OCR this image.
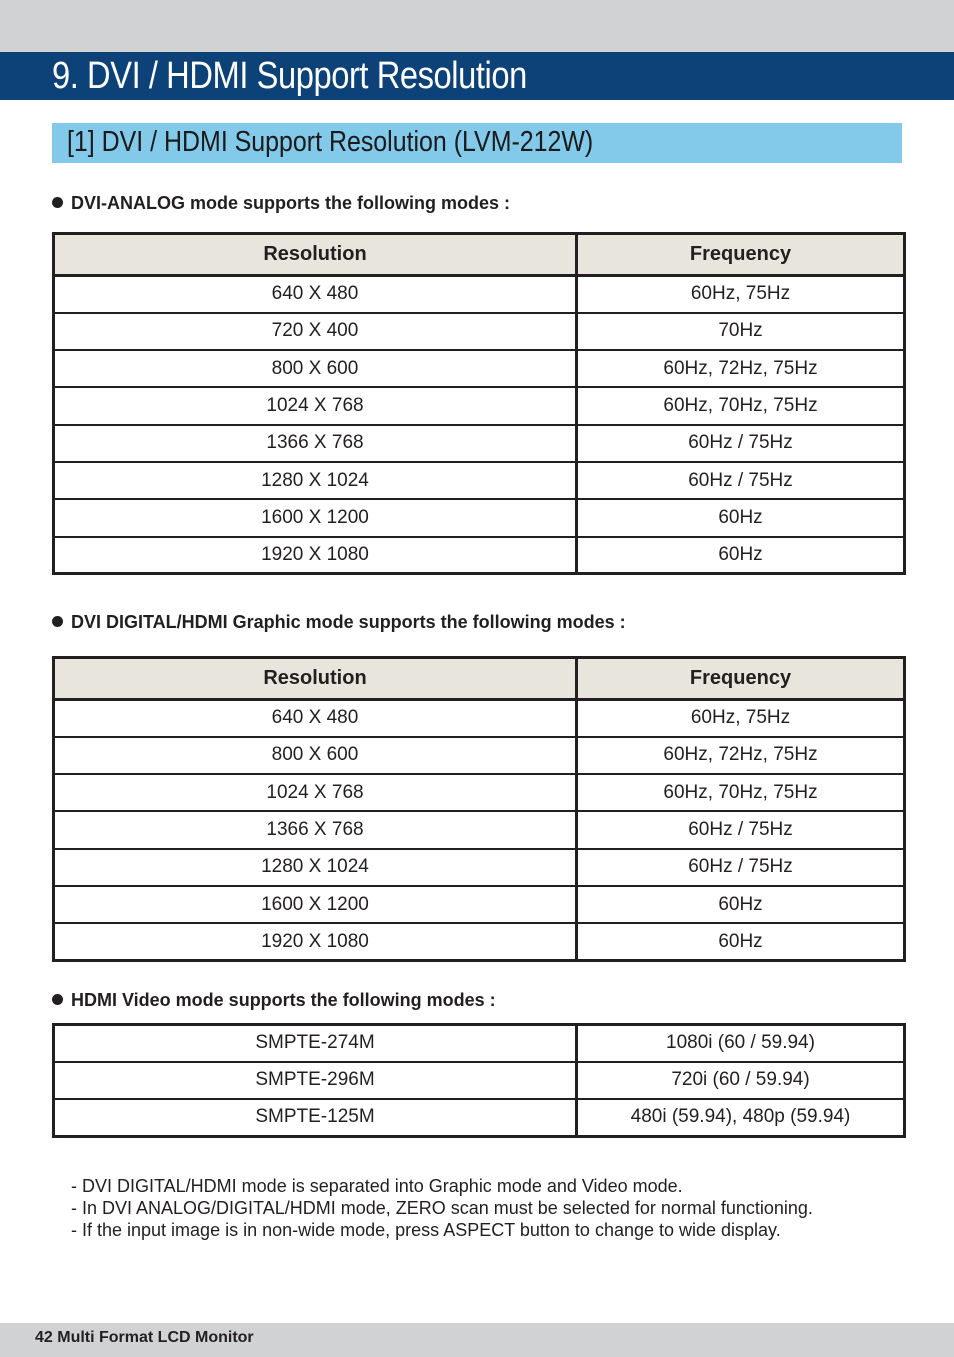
9. DVI / HDMI Support Resolution
[1] DVI / HDMI Support Resolution (LVM-212W)
DVI-ANALOG mode supports the following modes :
Resolution	Frequency
640 X 480	60Hz, 75Hz
720 X 400	70Hz
800 X 600	60Hz, 72Hz, 75Hz
1024 X 768	60Hz, 70Hz, 75Hz
1366 X 768	60Hz / 75Hz
1280 X 1024	60Hz / 75Hz
1600 X 1200	60Hz
1920 X 1080	60Hz
DVI DIGITAL/HDMI Graphic mode supports the following modes :
Resolution	Frequency
640 X 480	60Hz, 75Hz
800 X 600	60Hz, 72Hz, 75Hz
1024 X 768	60Hz, 70Hz, 75Hz
1366 X 768	60Hz / 75Hz
1280 X 1024	60Hz / 75Hz
1600 X 1200	60Hz
1920 X 1080	60Hz
HDMI Video mode supports the following modes :
SMPTE-274M	1080i (60 / 59.94)
SMPTE-296M	720i (60 / 59.94)
SMPTE-125M	480i (59.94), 480p (59.94)
- DVI DIGITAL/HDMI mode is separated into Graphic mode and Video mode.
- In DVI ANALOG/DIGITAL/HDMI mode, ZERO scan must be selected for normal functioning.
- If the input image is in non-wide mode, press ASPECT button to change to wide display.
42 Multi Format LCD Monitor
